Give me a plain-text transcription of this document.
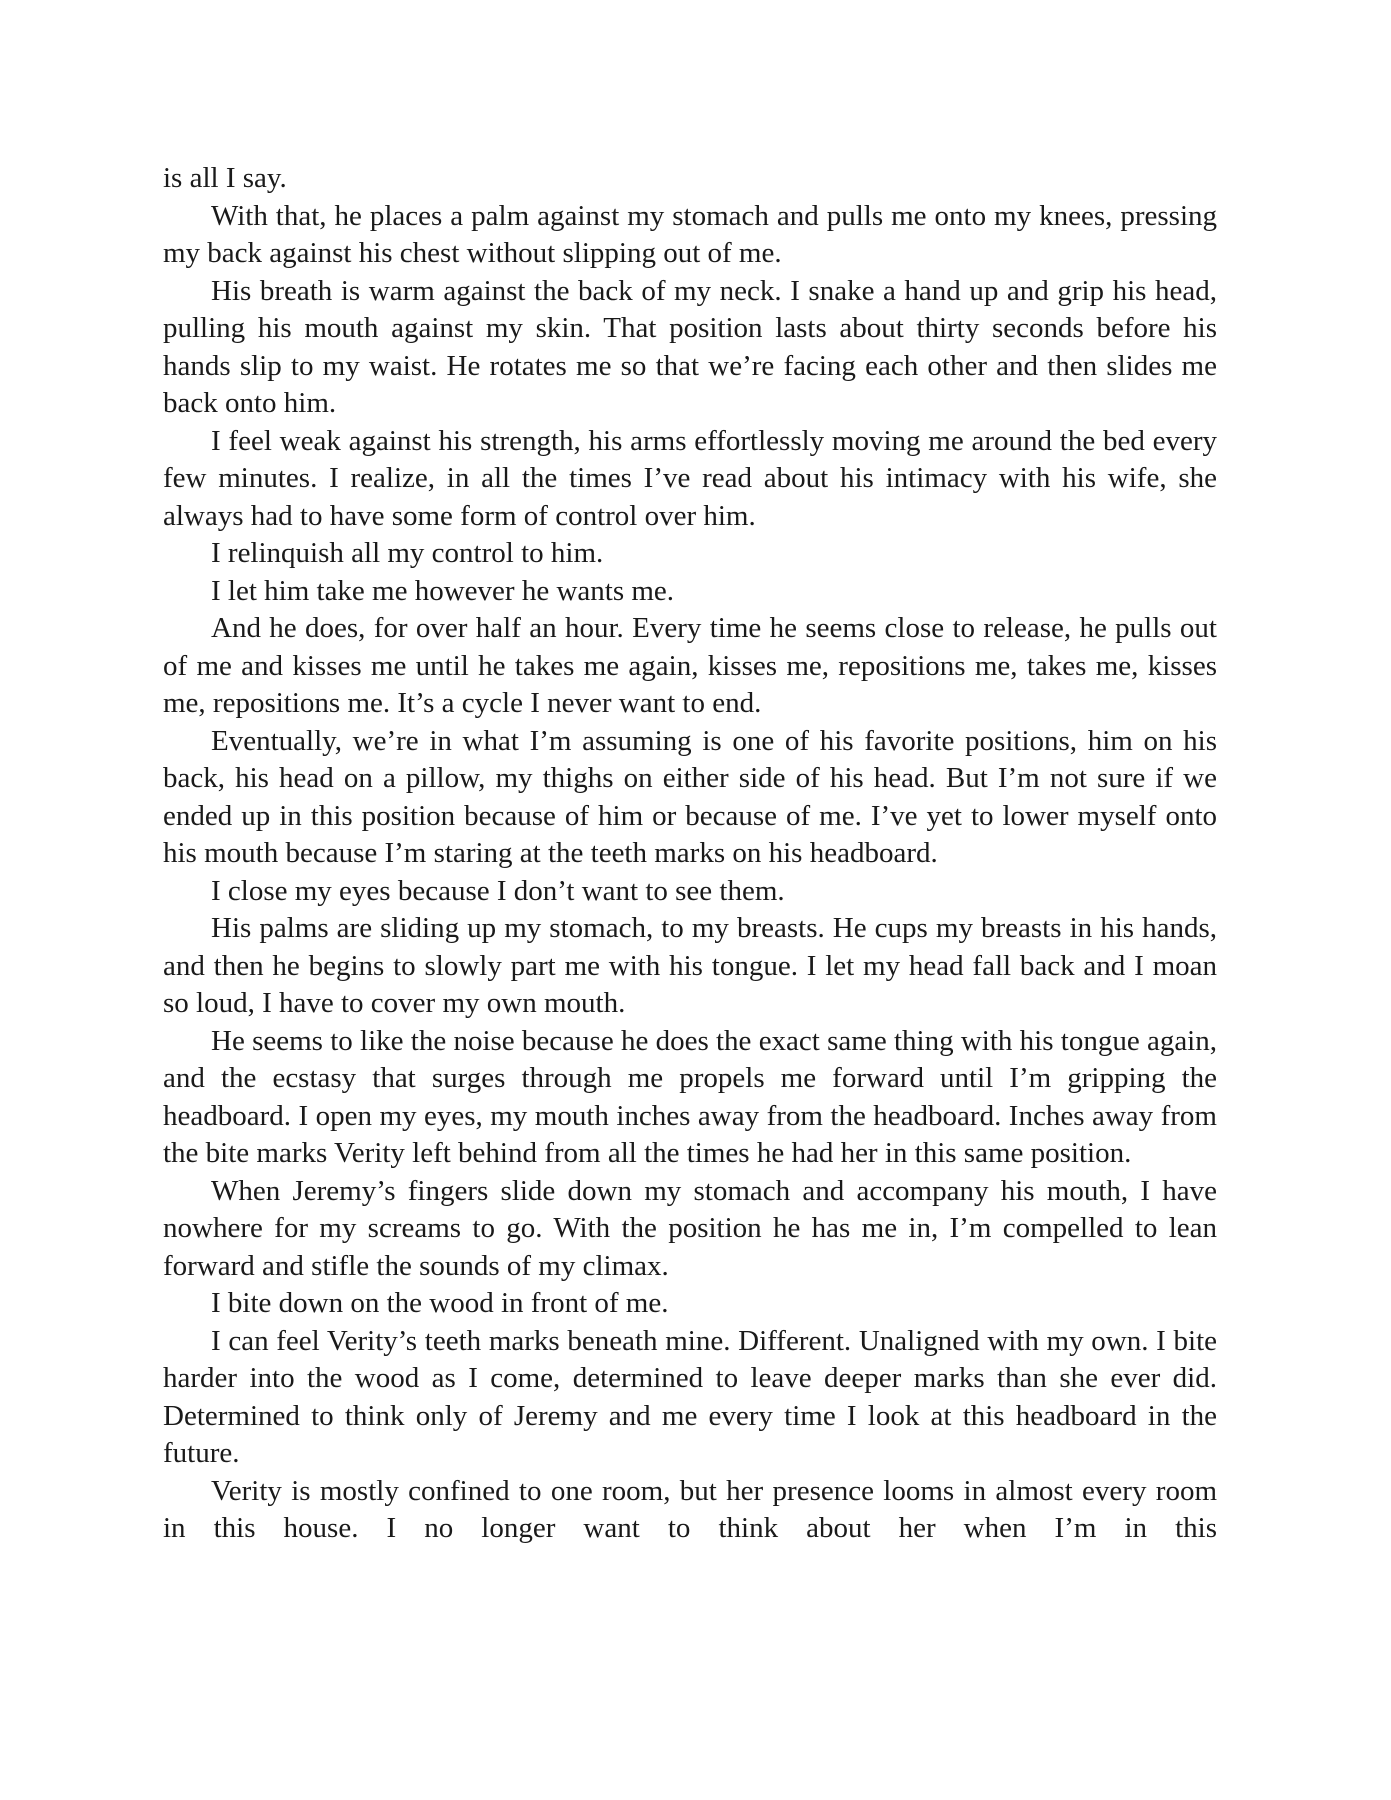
is all I say.

With that, he places a palm against my stomach and pulls me onto my knees, pressing my back against his chest without slipping out of me.

His breath is warm against the back of my neck. I snake a hand up and grip his head, pulling his mouth against my skin. That position lasts about thirty seconds before his hands slip to my waist. He rotates me so that we’re facing each other and then slides me back onto him.

I feel weak against his strength, his arms effortlessly moving me around the bed every few minutes. I realize, in all the times I’ve read about his intimacy with his wife, she always had to have some form of control over him.

I relinquish all my control to him.

I let him take me however he wants me.

And he does, for over half an hour. Every time he seems close to release, he pulls out of me and kisses me until he takes me again, kisses me, repositions me, takes me, kisses me, repositions me. It’s a cycle I never want to end.

Eventually, we’re in what I’m assuming is one of his favorite positions, him on his back, his head on a pillow, my thighs on either side of his head. But I’m not sure if we ended up in this position because of him or because of me. I’ve yet to lower myself onto his mouth because I’m staring at the teeth marks on his headboard.

I close my eyes because I don’t want to see them.

His palms are sliding up my stomach, to my breasts. He cups my breasts in his hands, and then he begins to slowly part me with his tongue. I let my head fall back and I moan so loud, I have to cover my own mouth.

He seems to like the noise because he does the exact same thing with his tongue again, and the ecstasy that surges through me propels me forward until I’m gripping the headboard. I open my eyes, my mouth inches away from the headboard. Inches away from the bite marks Verity left behind from all the times he had her in this same position.

When Jeremy’s fingers slide down my stomach and accompany his mouth, I have nowhere for my screams to go. With the position he has me in, I’m compelled to lean forward and stifle the sounds of my climax.

I bite down on the wood in front of me.

I can feel Verity’s teeth marks beneath mine. Different. Unaligned with my own. I bite harder into the wood as I come, determined to leave deeper marks than she ever did. Determined to think only of Jeremy and me every time I look at this headboard in the future.

Verity is mostly confined to one room, but her presence looms in almost every room in this house. I no longer want to think about her when I’m in this
